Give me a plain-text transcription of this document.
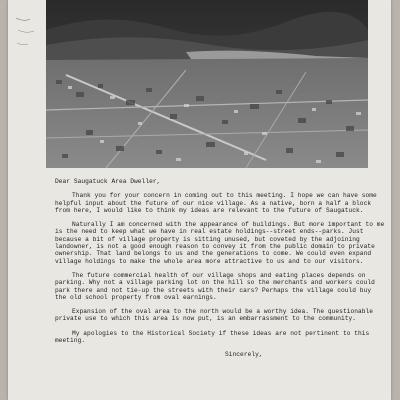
Dear Saugatuck Area Dweller,

Thank you for your concern in coming out to this meeting. I hope we can have some helpful input about the future of our nice village. As a native, born a half a block from here, I would like to think my ideas are relevant to the future of Saugatuck.

Naturally I am concerned with the appearance of buildings. But more important to me is the need to keep what we have in real estate holdings--street ends--parks. Just because a bit of village property is sitting unused, but coveted by the adjoining landowner, is not a good enough reason to convey it from the public domain to private ownership. That land belongs to us and the generations to come. We could even expand village holdings to make the whole area more attractive to us and to our visitors.

The future commercial health of our village shops and eating places depends on parking. Why not a village parking lot on the hill so the merchants and workers could park there and not tie-up the streets with their cars? Perhaps the village could buy the old school property from oval earnings.

Expansion of the oval area to the north would be a worthy idea. The questionable private use to which this area is now put, is an embarrassment to the community.

My apologies to the Historical Society if these ideas are not pertinent to this meeting.

Sincerely,
